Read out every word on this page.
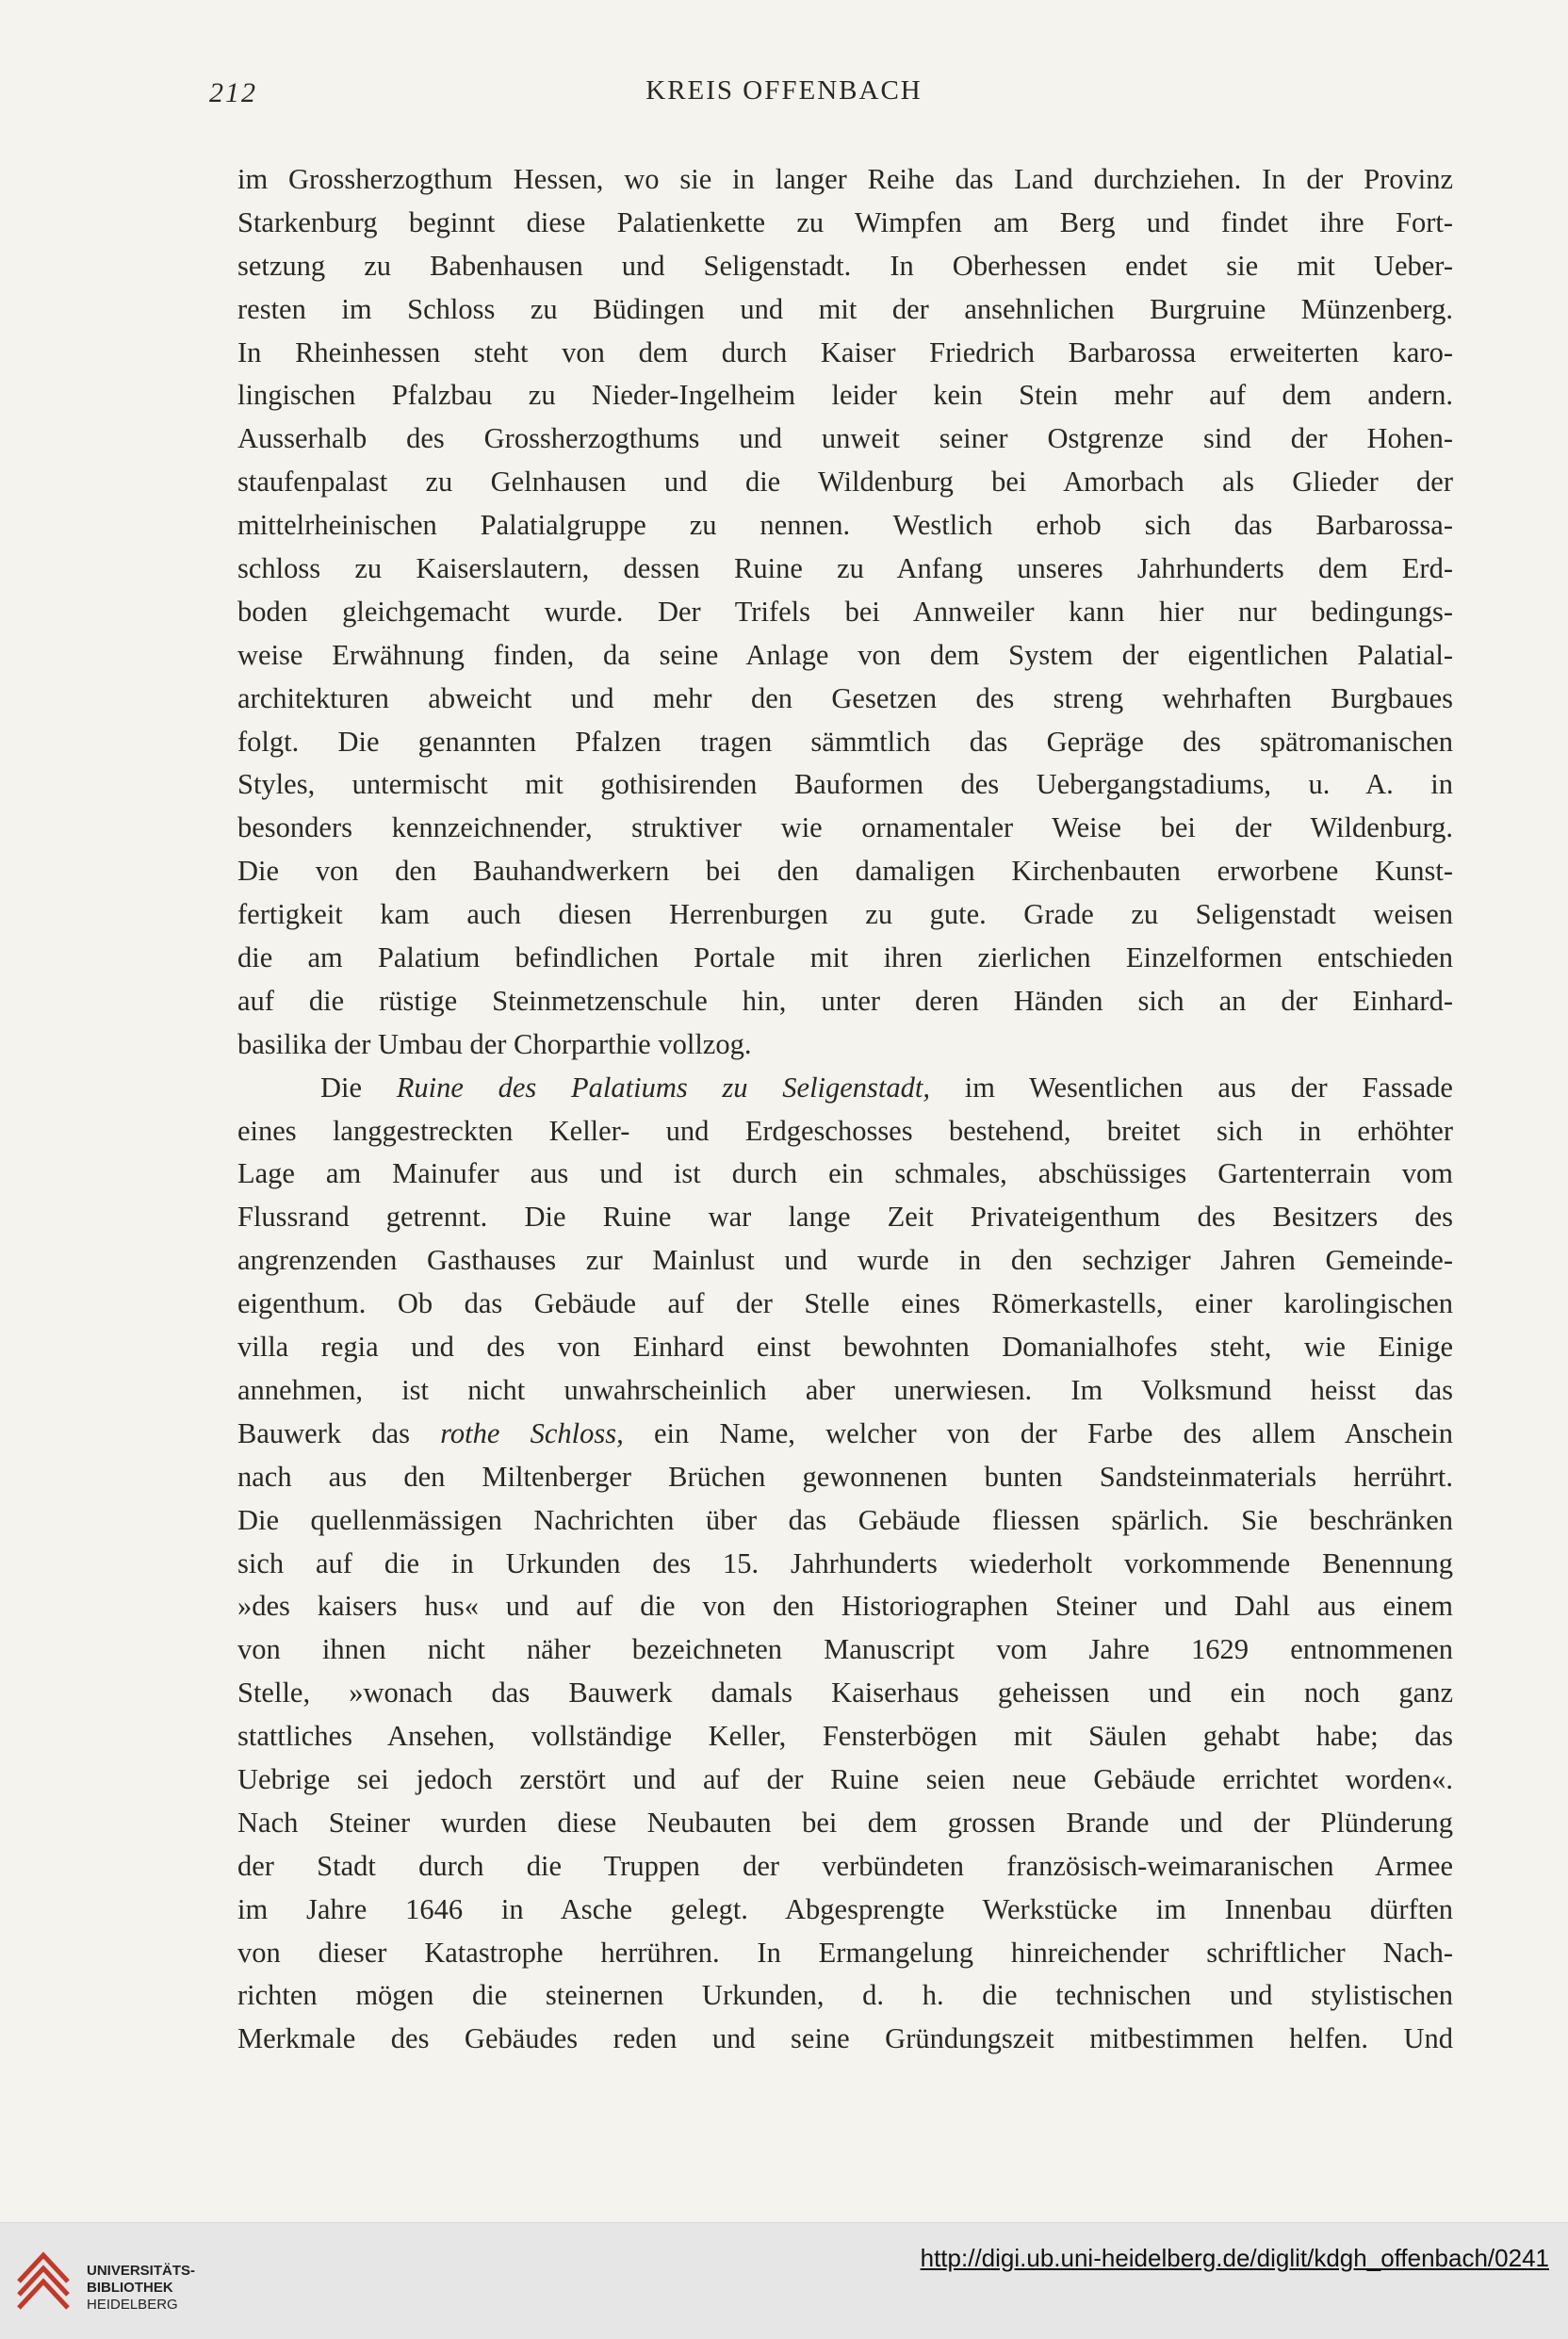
212	KREIS OFFENBACH
im Grossherzogthum Hessen, wo sie in langer Reihe das Land durchziehen. In der Provinz
Starkenburg beginnt diese Palatienkette zu Wimpfen am Berg und findet ihre Fort-
setzung zu Babenhausen und Seligenstadt. In Oberhessen endet sie mit Ueber-
resten im Schloss zu Büdingen und mit der ansehnlichen Burgruine Münzenberg.
In Rheinhessen steht von dem durch Kaiser Friedrich Barbarossa erweiterten karo-
lingischen Pfalzbau zu Nieder-Ingelheim leider kein Stein mehr auf dem andern.
Ausserhalb des Grossherzogthums und unweit seiner Ostgrenze sind der Hohen-
staufenpalast zu Gelnhausen und die Wildenburg bei Amorbach als Glieder der
mittelrheinischen Palatialgruppe zu nennen. Westlich erhob sich das Barbarossa-
schloss zu Kaiserslautern, dessen Ruine zu Anfang unseres Jahrhunderts dem Erd-
boden gleichgemacht wurde. Der Trifels bei Annweiler kann hier nur bedingungs-
weise Erwähnung finden, da seine Anlage von dem System der eigentlichen Palatial-
architekturen abweicht und mehr den Gesetzen des streng wehrhaften Burgbaues
folgt. Die genannten Pfalzen tragen sämmtlich das Gepräge des spätromanischen
Styles, untermischt mit gothisirenden Bauformen des Uebergangstadiums, u. A. in
besonders kennzeichnender, struktiver wie ornamentaler Weise bei der Wildenburg.
Die von den Bauhandwerkern bei den damaligen Kirchenbauten erworbene Kunst-
fertigkeit kam auch diesen Herrenburgen zu gute. Grade zu Seligenstadt weisen
die am Palatium befindlichen Portale mit ihren zierlichen Einzelformen entschieden
auf die rüstige Steinmetzenschule hin, unter deren Händen sich an der Einhard-
basilika der Umbau der Chorparthie vollzog.
Die Ruine des Palatiums zu Seligenstadt, im Wesentlichen aus der Fassade
eines langgestreckten Keller- und Erdgeschosses bestehend, breitet sich in erhöhter
Lage am Mainufer aus und ist durch ein schmales, abschüssiges Gartenterrain vom
Flussrand getrennt. Die Ruine war lange Zeit Privateigenthum des Besitzers des
angrenzenden Gasthauses zur Mainlust und wurde in den sechziger Jahren Gemeinde-
eigenthum. Ob das Gebäude auf der Stelle eines Römerkastells, einer karolingischen
villa regia und des von Einhard einst bewohnten Domanialhofes steht, wie Einige
annehmen, ist nicht unwahrscheinlich aber unerwiesen. Im Volksmund heisst das
Bauwerk das rothe Schloss, ein Name, welcher von der Farbe des allem Anschein
nach aus den Miltenberger Brüchen gewonnenen bunten Sandsteinmaterials herrührt.
Die quellenmässigen Nachrichten über das Gebäude fliessen spärlich. Sie beschränken
sich auf die in Urkunden des 15. Jahrhunderts wiederholt vorkommende Benennung
»des kaisers hus« und auf die von den Historiographen Steiner und Dahl aus einem
von ihnen nicht näher bezeichneten Manuscript vom Jahre 1629 entnommenen
Stelle, »wonach das Bauwerk damals Kaiserhaus geheissen und ein noch ganz
stattliches Ansehen, vollständige Keller, Fensterbögen mit Säulen gehabt habe; das
Uebrige sei jedoch zerstört und auf der Ruine seien neue Gebäude errichtet worden«.
Nach Steiner wurden diese Neubauten bei dem grossen Brande und der Plünderung
der Stadt durch die Truppen der verbündeten französisch-weimaranischen Armee
im Jahre 1646 in Asche gelegt. Abgesprengte Werkstücke im Innenbau dürften
von dieser Katastrophe herrühren. In Ermangelung hinreichender schriftlicher Nach-
richten mögen die steinernen Urkunden, d. h. die technischen und stylistischen
Merkmale des Gebäudes reden und seine Gründungszeit mitbestimmen helfen. Und
UNIVERSITÄTS-
BIBLIOTHEK
HEIDELBERG
http://digi.ub.uni-heidelberg.de/diglit/kdgh_offenbach/0241
